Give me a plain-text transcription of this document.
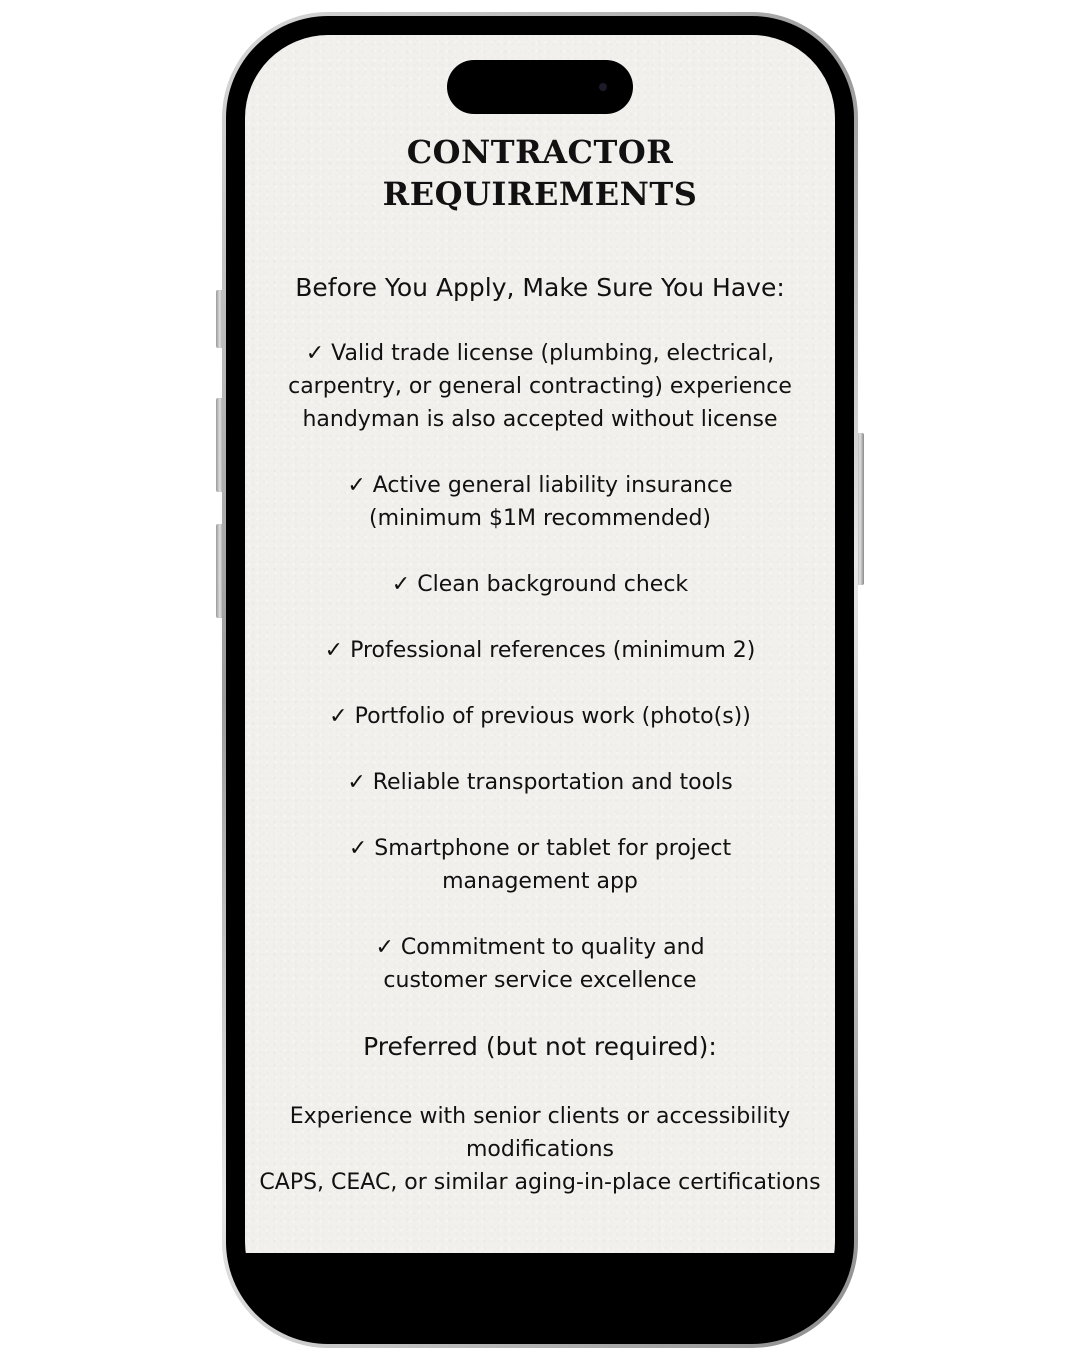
CONTRACTOR
REQUIREMENTS

Before You Apply, Make Sure You Have:

✓ Valid trade license (plumbing, electrical,
carpentry, or general contracting) experience
handyman is also accepted without license

✓ Active general liability insurance
(minimum $1M recommended)

✓ Clean background check

✓ Professional references (minimum 2)

✓ Portfolio of previous work (photo(s))

✓ Reliable transportation and tools

✓ Smartphone or tablet for project
management app

✓ Commitment to quality and
customer service excellence

Preferred (but not required):

Experience with senior clients or accessibility
modifications
CAPS, CEAC, or similar aging-in-place certifications
